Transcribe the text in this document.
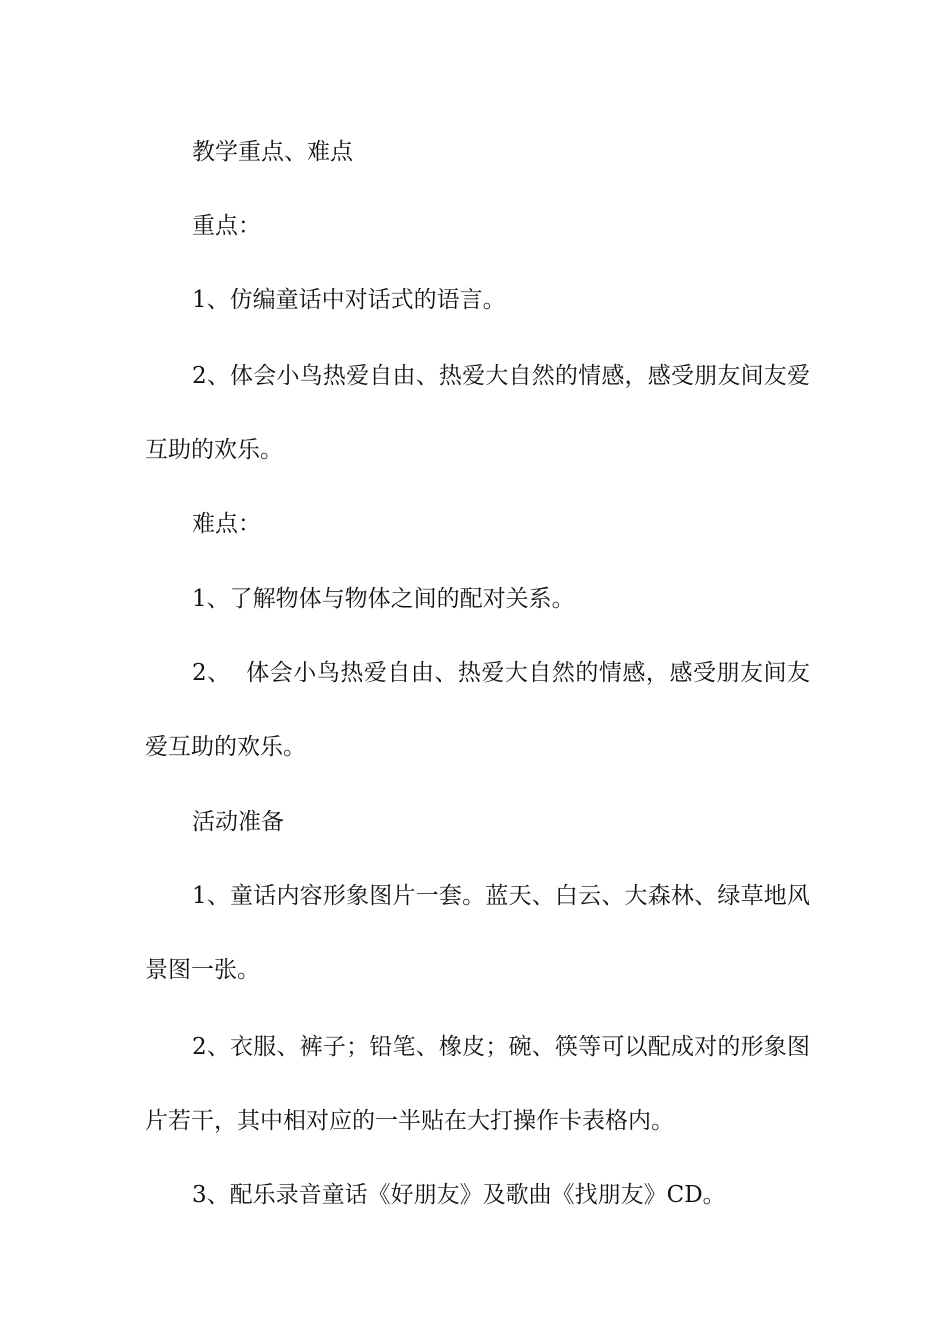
教学重点、难点

重点：

1、仿编童话中对话式的语言。

2、体会小鸟热爱自由、热爱大自然的情感，感受朋友间友爱互助的欢乐。

难点：

1、了解物体与物体之间的配对关系。

2、  体会小鸟热爱自由、热爱大自然的情感，感受朋友间友爱互助的欢乐。

活动准备

1、童话内容形象图片一套。蓝天、白云、大森林、绿草地风景图一张。

2、衣服、裤子；铅笔、橡皮；碗、筷等可以配成对的形象图片若干，其中相对应的一半贴在大打操作卡表格内。

3、配乐录音童话《好朋友》及歌曲《找朋友》CD。
